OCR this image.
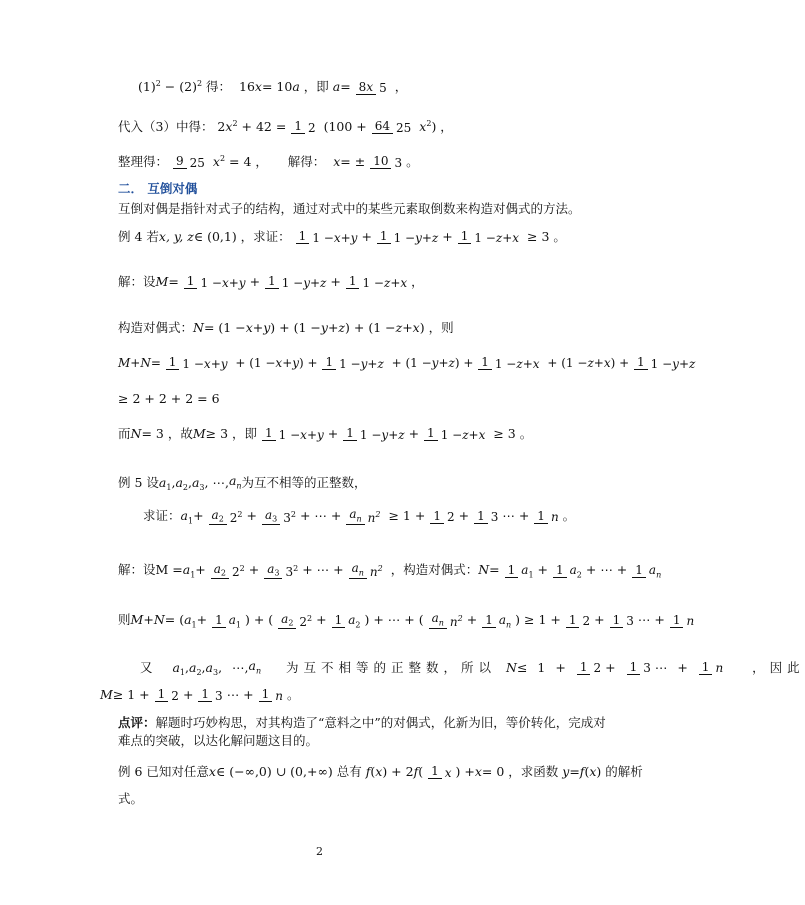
$(1)^2 - (2)^2$ 得：  16x= 10a ，即 a= 8x 5 ，
代入（3）中得： $2x^2 + 42 = 1$ 2 (100 + 64 25 $x^2$) ，
整理得： 9 25 $x^2 = 4$ ，     解得：  x= ± 10 3。
二． 互倒对偶
互倒对偶是指针对式子的结构，通过对式中的某些元素取倒数来构造对偶式的方法。
例 4 若x, y, z∈ (0,1) ，求证： 1 1 −x+y + 1 1 −y+z + 1 1 −z+x ≥ 3 。
解：设M= 1 1 −x+y + 1 1 −y+z + 1 1 −z+x ，
构造对偶式：N= (1 −x+y) + (1 −y+z) + (1 −z+x) ，则
M+N= 1 1 −x+y + (1 −x+y) + 1 1 −y+z + (1 −y+z) + 1 1 −z+x + (1 −z+x) + 1 1 −y+z
≥ 2 + 2 + 2 = 6
而N= 3 ，故M≥ 3 ，即 1 1 −x+y + 1 1 −y+z + 1 1 −z+x ≥ 3 。
例 5 设$a_1,a_2,a_3$, $\cdots,a_n$为互不相等的正整数，
求证：$a_1+ a_2$ $2^2 + a_3$ $3^2$ + ⋯ + $a_n$ $n^2 \ge 1 + 1$ 2 + 1 3 ⋯ + 1 n 。
解：设$M =a_1+ a_2$ $2^2 + a_3$ $3^2$ + ⋯ + $a_n$ $n^2$ ，构造对偶式：N= 1 $a_1 + 1$ $a_2$ + ⋯ + 1 $a_n$
则$M+N= (a_1+ 1$ $a_1$ ) + ( $a_2$ $2^2 + 1$ $a_2$ ) + ⋯ + ( $a_n$ $n^2 + 1$ $a_n$ ) ≥ 1 + 1 2 + 1 3 ⋯ + 1 n
又  $a_1,a_2,a_3$, $\cdots,a_n$  为互不相等的正整数，所以 N≤ 1 + 1 2 + 1 3 ⋯ + 1 n  ，因此
M≥ 1 + 1 2 + 1 3 ⋯ + 1 n 。
点评：解题时巧妙构思，对其构造了“意料之中”的对偶式，化新为旧，等价转化，完成对
难点的突破，以达化解问题这目的。
例 6 已知对任意x∈ (−∞,0) ∪ (0,+∞) 总有 f(x) + 2f( 1 x ) +x= 0 ，求函数 y=f(x) 的解析
式。
2
